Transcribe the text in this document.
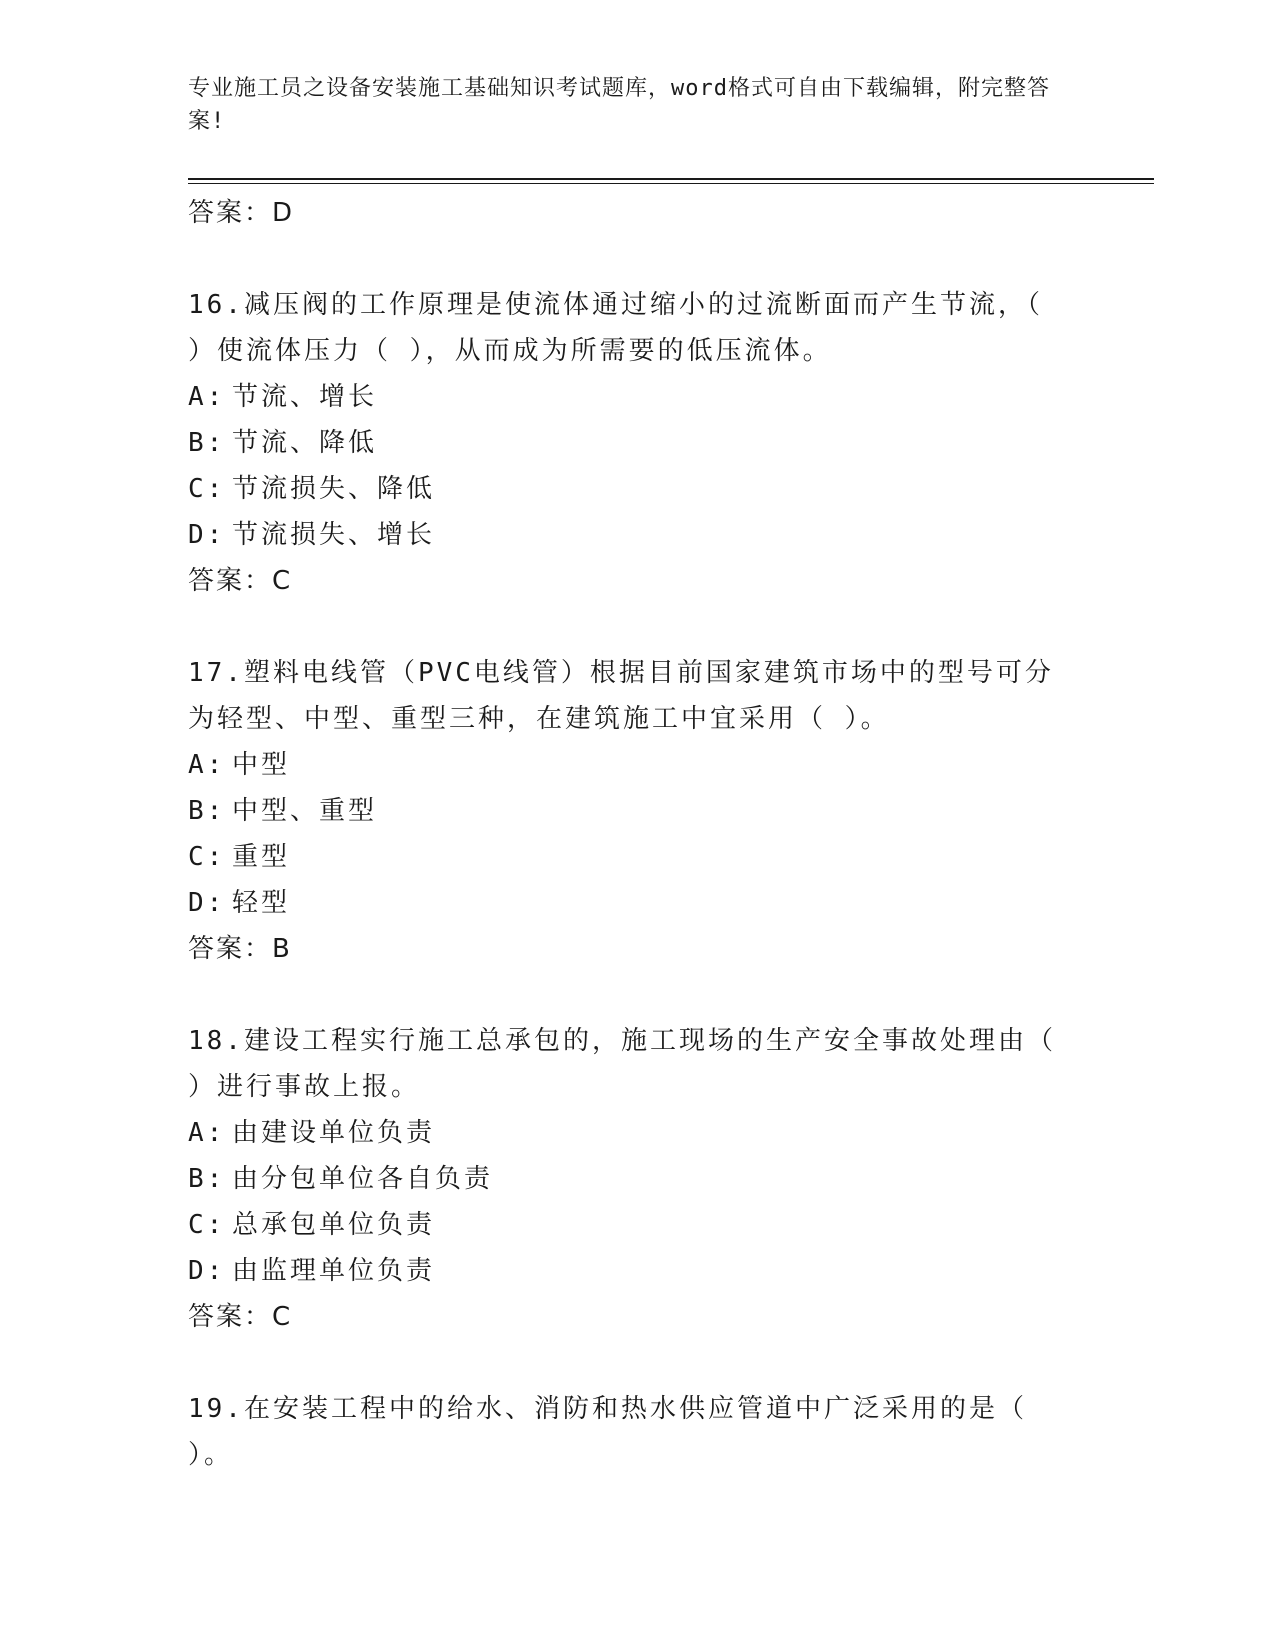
专业施工员之设备安装施工基础知识考试题库，word格式可自由下载编辑，附完整答案!
答案：D
16.减压阀的工作原理是使流体通过缩小的过流断面而产生节流，（ ）使流体压力（ ），从而成为所需要的低压流体。
A: 节流、增长
B: 节流、降低
C: 节流损失、降低
D: 节流损失、增长
答案：C
17.塑料电线管（PVC电线管）根据目前国家建筑市场中的型号可分为轻型、中型、重型三种，在建筑施工中宜采用（ ）。
A: 中型
B: 中型、重型
C: 重型
D: 轻型
答案：B
18.建设工程实行施工总承包的，施工现场的生产安全事故处理由（ ）进行事故上报。
A: 由建设单位负责
B: 由分包单位各自负责
C: 总承包单位负责
D: 由监理单位负责
答案：C
19.在安装工程中的给水、消防和热水供应管道中广泛采用的是（ ）。
